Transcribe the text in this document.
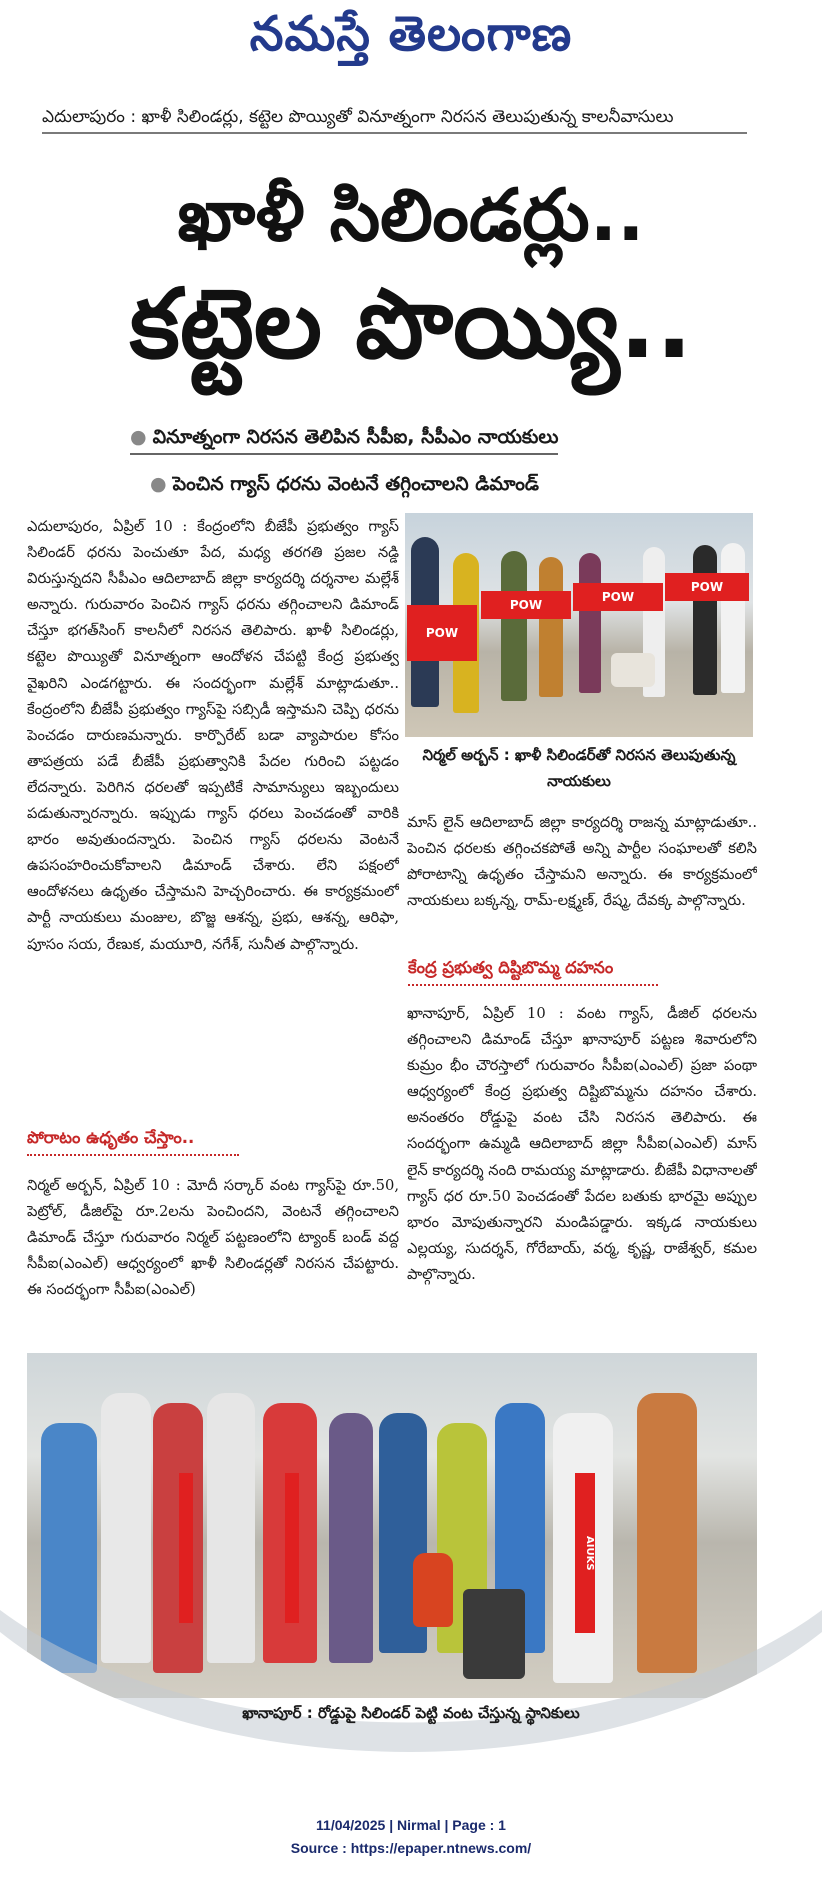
నమస్తే తెలంగాణ
ఎదులాపురం : ఖాళీ సిలిండర్లు, కట్టెల పొయ్యితో వినూత్నంగా నిరసన తెలుపుతున్న కాలనీవాసులు
ఖాళీ సిలిండర్లు..
కట్టెల పొయ్యి..
● వినూత్నంగా నిరసన తెలిపిన సీపీఐ, సీపీఎం నాయకులు
● పెంచిన గ్యాస్ ధరను వెంటనే తగ్గించాలని డిమాండ్
ఎదులాపురం, ఏప్రిల్ 10 : కేంద్రంలోని బీజేపీ ప్రభుత్వం గ్యాస్ సిలిండర్ ధరను పెంచుతూ పేద, మధ్య తరగతి ప్రజల నడ్డి విరుస్తున్నదని సీపీఎం ఆదిలాబాద్ జిల్లా కార్యదర్శి దర్శనాల మల్లేశ్ అన్నారు. గురువారం పెంచిన గ్యాస్ ధరను తగ్గించాలని డిమాండ్ చేస్తూ భగత్‌సింగ్ కాలనీలో నిరసన తెలిపారు. ఖాళీ సిలిండర్లు, కట్టెల పొయ్యితో వినూత్నంగా ఆందోళన చేపట్టి కేంద్ర ప్రభుత్వ వైఖరిని ఎండగట్టారు. ఈ సందర్భంగా మల్లేశ్ మాట్లాడుతూ.. కేంద్రంలోని బీజేపీ ప్రభుత్వం గ్యాస్‌పై సబ్సిడీ ఇస్తామని చెప్పి ధరను పెంచడం దారుణమన్నారు. కార్పొరేట్ బడా వ్యాపారుల కోసం తాపత్రయ పడే బీజేపీ ప్రభుత్వానికి పేదల గురించి పట్టడం లేదన్నారు. పెరిగిన ధరలతో ఇప్పటికే సామాన్యులు ఇబ్బందులు పడుతున్నారన్నారు. ఇప్పుడు గ్యాస్ ధరలు పెంచడంతో వారికి భారం అవుతుందన్నారు. పెంచిన గ్యాస్ ధరలను వెంటనే ఉపసంహరించుకోవాలని డిమాండ్ చేశారు. లేని పక్షంలో ఆందోళనలు ఉధృతం చేస్తామని హెచ్చరించారు. ఈ కార్యక్రమంలో పార్టీ నాయకులు మంజుల, బొజ్జ ఆశన్న, ప్రభు, ఆశన్న, ఆరిఫా, పూసం సయ, రేణుక, మయూరి, నగేశ్, సునీత పాల్గొన్నారు.
పోరాటం ఉధృతం చేస్తాం..
నిర్మల్ అర్బన్, ఏప్రిల్ 10 : మోదీ సర్కార్ వంట గ్యాస్‌పై రూ.50, పెట్రోల్, డీజిల్‌పై రూ.2లను పెంచిందని, వెంటనే తగ్గించాలని డిమాండ్ చేస్తూ గురువారం నిర్మల్ పట్టణంలోని ట్యాంక్ బండ్ వద్ద సీపీఐ(ఎంఎల్) ఆధ్వర్యంలో ఖాళీ సిలిండర్లతో నిరసన చేపట్టారు. ఈ సందర్భంగా సీపీఐ(ఎంఎల్)
POW
POW
POW
POW
నిర్మల్ అర్బన్ : ఖాళీ సిలిండర్‌తో నిరసన తెలుపుతున్న నాయకులు
మాస్ లైన్ ఆదిలాబాద్ జిల్లా కార్యదర్శి రాజన్న మాట్లాడుతూ.. పెంచిన ధరలకు తగ్గించకపోతే అన్ని పార్టీల సంఘాలతో కలిసి పోరాటాన్ని ఉధృతం చేస్తామని అన్నారు. ఈ కార్యక్రమంలో నాయకులు బక్కన్న, రామ్-లక్ష్మణ్, రేష్మ, దేవక్క పాల్గొన్నారు.
కేంద్ర ప్రభుత్వ దిష్టిబొమ్మ దహనం
ఖానాపూర్, ఏప్రిల్ 10 : వంట గ్యాస్, డీజిల్ ధరలను తగ్గించాలని డిమాండ్ చేస్తూ ఖానాపూర్ పట్టణ శివారులోని కుమ్రం భీం చౌరస్తాలో గురువారం సీపీఐ(ఎంఎల్) ప్రజా పంథా ఆధ్వర్యంలో కేంద్ర ప్రభుత్వ దిష్టిబొమ్మను దహనం చేశారు. అనంతరం రోడ్డుపై వంట చేసి నిరసన తెలిపారు. ఈ సందర్భంగా ఉమ్మడి ఆదిలాబాద్ జిల్లా సీపీఐ(ఎంఎల్) మాస్ లైన్ కార్యదర్శి నంది రామయ్య మాట్లాడారు. బీజేపీ విధానాలతో గ్యాస్ ధర రూ.50 పెంచడంతో పేదల బతుకు భారమై అప్పుల భారం మోపుతున్నారని మండిపడ్డారు. ఇక్కడ నాయకులు ఎల్లయ్య, సుదర్శన్, గోరేబాయ్, వర్మ, కృష్ణ, రాజేశ్వర్, కమల పాల్గొన్నారు.
AIUKS
ఖానాపూర్ : రోడ్డుపై సిలిండర్ పెట్టి వంట చేస్తున్న స్థానికులు
11/04/2025 | Nirmal | Page : 1
Source : https://epaper.ntnews.com/
